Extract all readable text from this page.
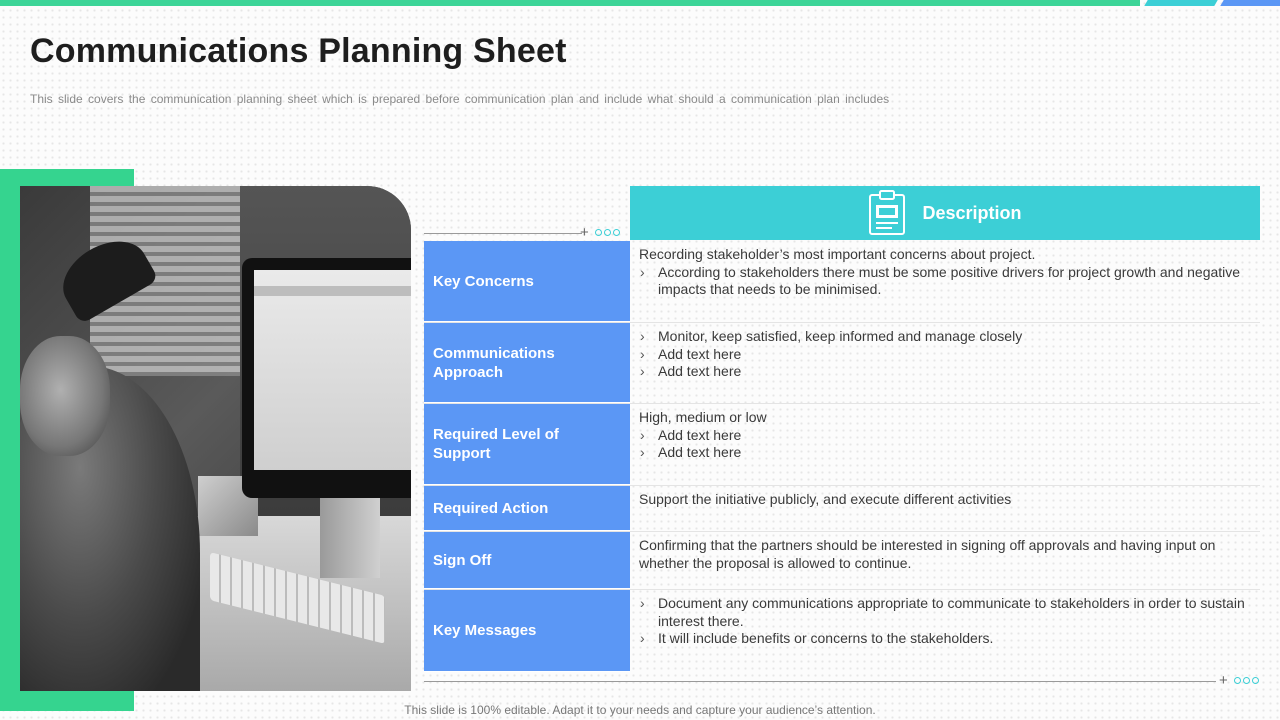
Communications Planning Sheet

This slide covers the communication planning sheet which is prepared before communication plan and include what should a communication plan includes

+
Description
Key Concerns
Recording stakeholder’s most important concerns about project.
› According to stakeholders there must be some positive drivers for project growth and negative impacts that needs to be minimised.
Communications Approach
› Monitor, keep satisfied, keep informed and manage closely
› Add text here
› Add text here
Required Level of Support
High, medium or low
› Add text here
› Add text here
Required Action
Support the initiative publicly, and execute different activities
Sign Off
Confirming that the partners should be interested in signing off approvals and having input on whether the proposal is allowed to continue.
Key Messages
› Document any communications appropriate to communicate to stakeholders in order to sustain interest there.
› It will include benefits or concerns to the stakeholders.
+
This slide is 100% editable. Adapt it to your needs and capture your audience’s attention.
